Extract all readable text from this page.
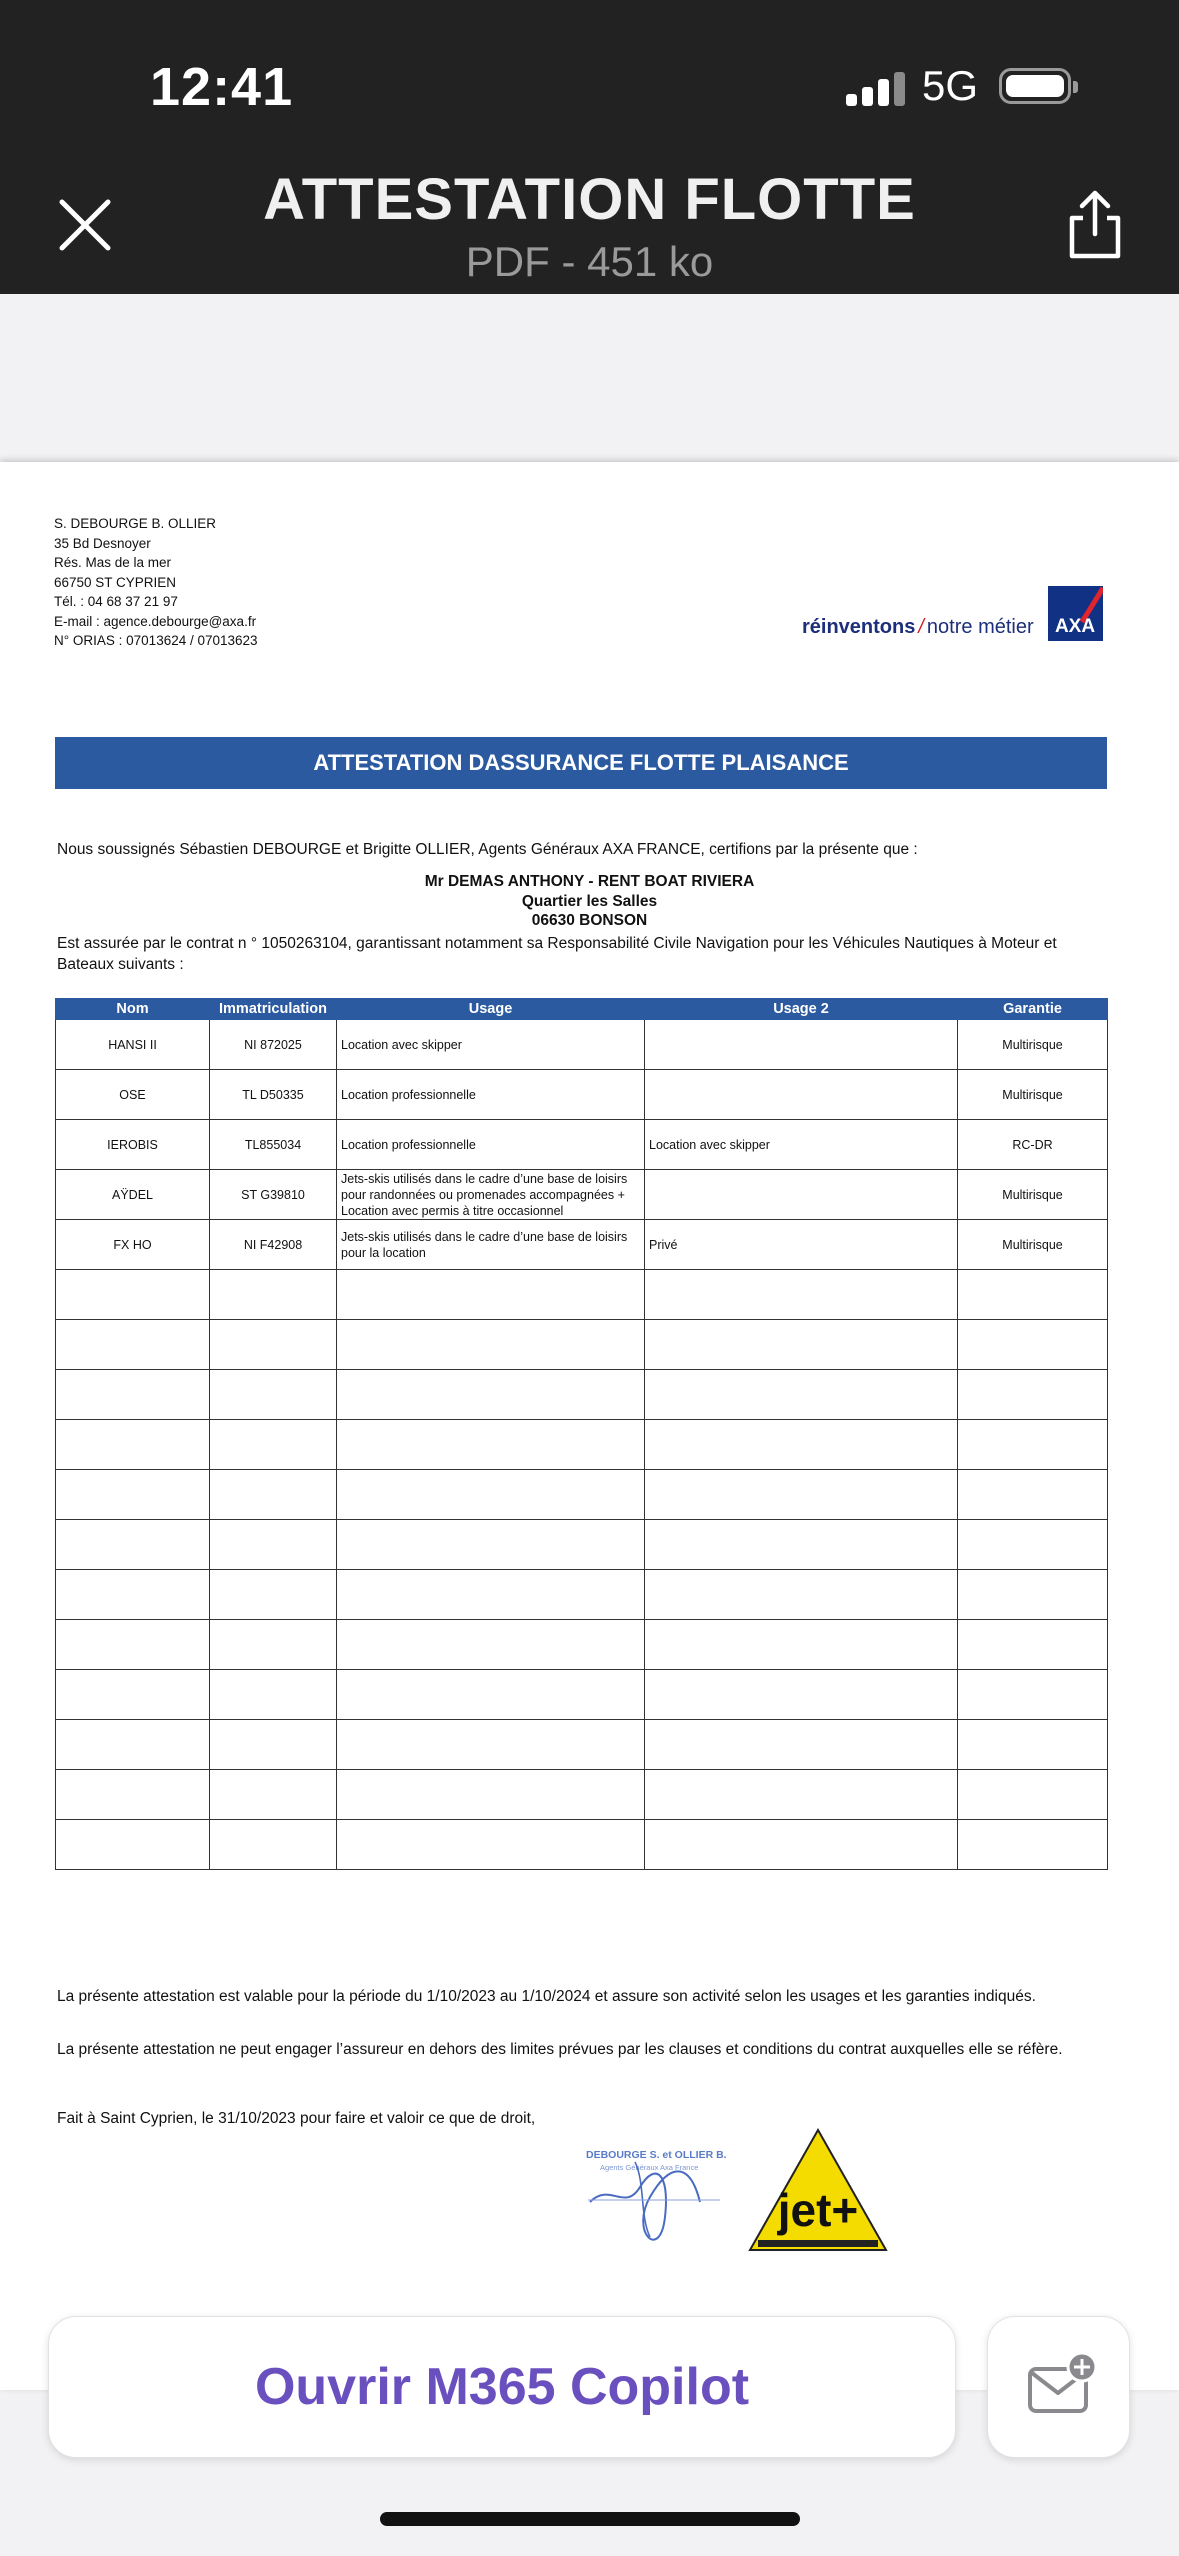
12:41	5G
ATTESTATION FLOTTE
PDF - 451 ko
S. DEBOURGE B. OLLIER
35 Bd Desnoyer
Rés. Mas de la mer
66750 ST CYPRIEN
Tél. : 04 68 37 21 97
E-mail : agence.debourge@axa.fr
N° ORIAS : 07013624 / 07013623
réinventons / notre métier AXA
ATTESTATION DASSURANCE FLOTTE PLAISANCE
Nous soussignés Sébastien DEBOURGE et Brigitte OLLIER, Agents Généraux AXA FRANCE, certifions par la présente que :
Mr DEMAS ANTHONY - RENT BOAT RIVIERA
Quartier les Salles
06630 BONSON
Est assurée par le contrat n ° 1050263104, garantissant notamment sa Responsabilité Civile Navigation pour les Véhicules Nautiques à Moteur et Bateaux suivants :
Nom	Immatriculation	Usage	Usage 2	Garantie
HANSI II	NI 872025	Location avec skipper		Multirisque
OSE	TL D50335	Location professionnelle		Multirisque
IEROBIS	TL855034	Location professionnelle	Location avec skipper	RC-DR
AŸDEL	ST G39810	Jets-skis utilisés dans le cadre d’une base de loisirs pour randonnées ou promenades accompagnées + Location avec permis à titre occasionnel		Multirisque
FX HO	NI F42908	Jets-skis utilisés dans le cadre d’une base de loisirs pour la location	Privé	Multirisque

La présente attestation est valable pour la période du 1/10/2023 au 1/10/2024 et assure son activité selon les usages et les garanties indiqués.
La présente attestation ne peut engager l’assureur en dehors des limites prévues par les clauses et conditions du contrat auxquelles elle se réfère.
Fait à Saint Cyprien, le 31/10/2023 pour faire et valoir ce que de droit,
DEBOURGE S. et OLLIER B.
Agents Généraux Axa France
jet+
Ouvrir M365 Copilot
